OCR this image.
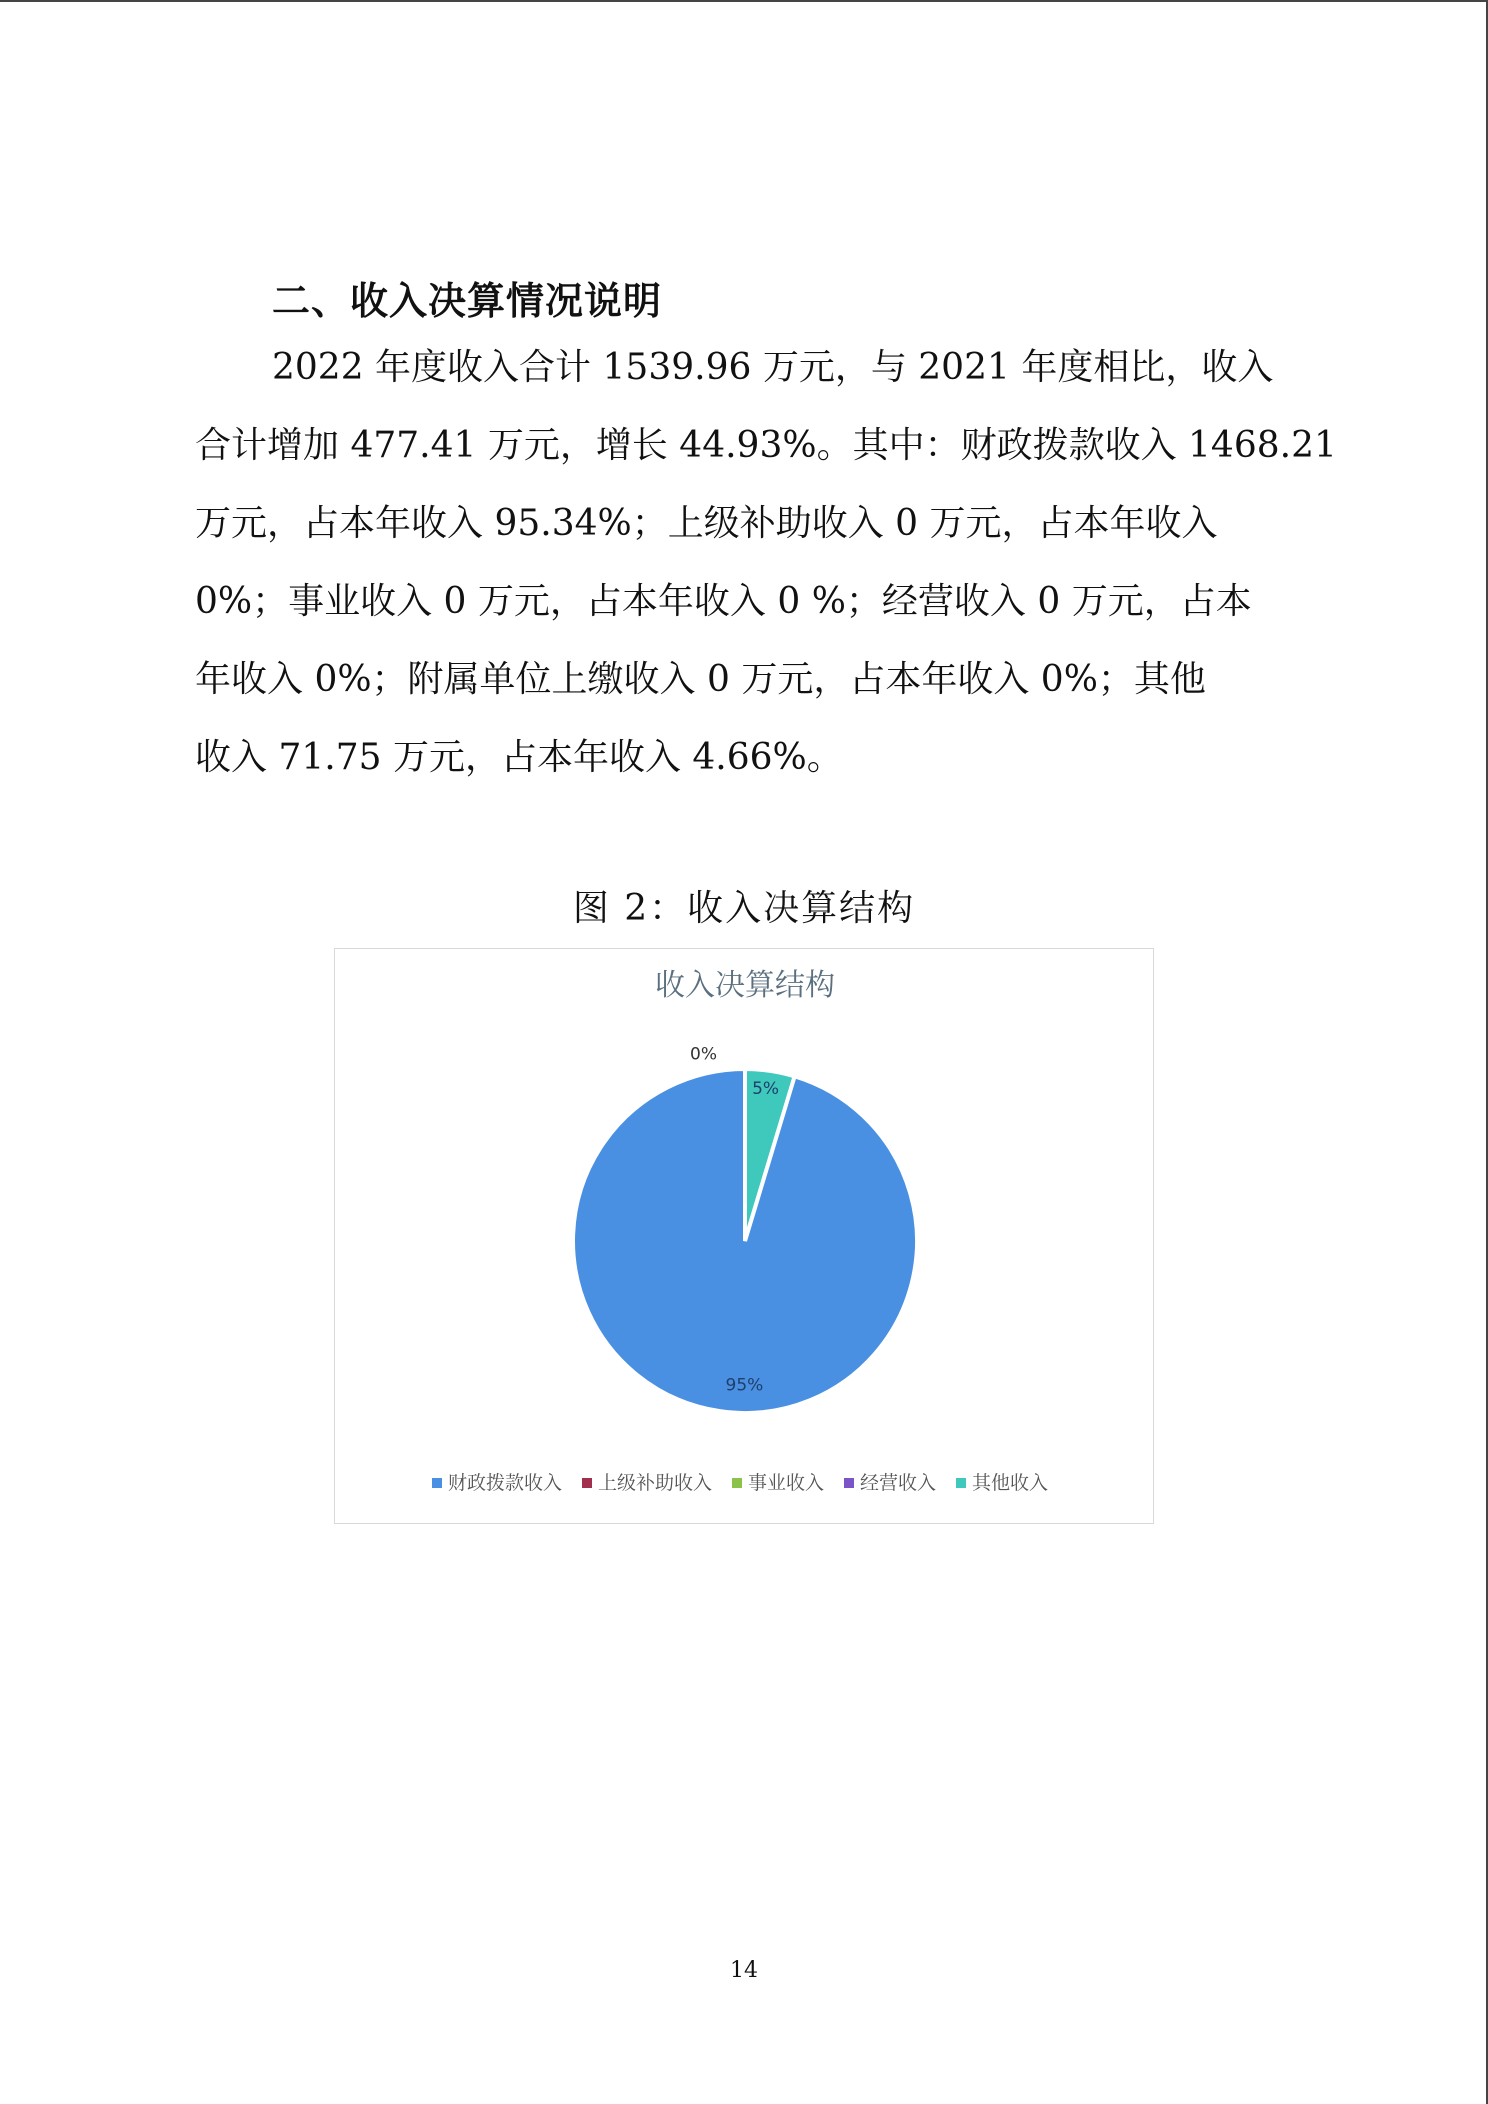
二、收入决算情况说明
2022 年度收入合计 1539.96 万元，与 2021 年度相比，收入
合计增加 477.41 万元，增长 44.93%。其中：财政拨款收入 1468.21
万元，占本年收入 95.34%；上级补助收入 0 万元，占本年收入
0%；事业收入 0 万元，占本年收入 0 %；经营收入 0 万元，占本
年收入 0%；附属单位上缴收入 0 万元，占本年收入 0%；其他
收入 71.75 万元，占本年收入 4.66%。
图 2：收入决算结构
收入决算结构
95%
5%
0%
财政拨款收入 上级补助收入 事业收入 经营收入 其他收入
14
